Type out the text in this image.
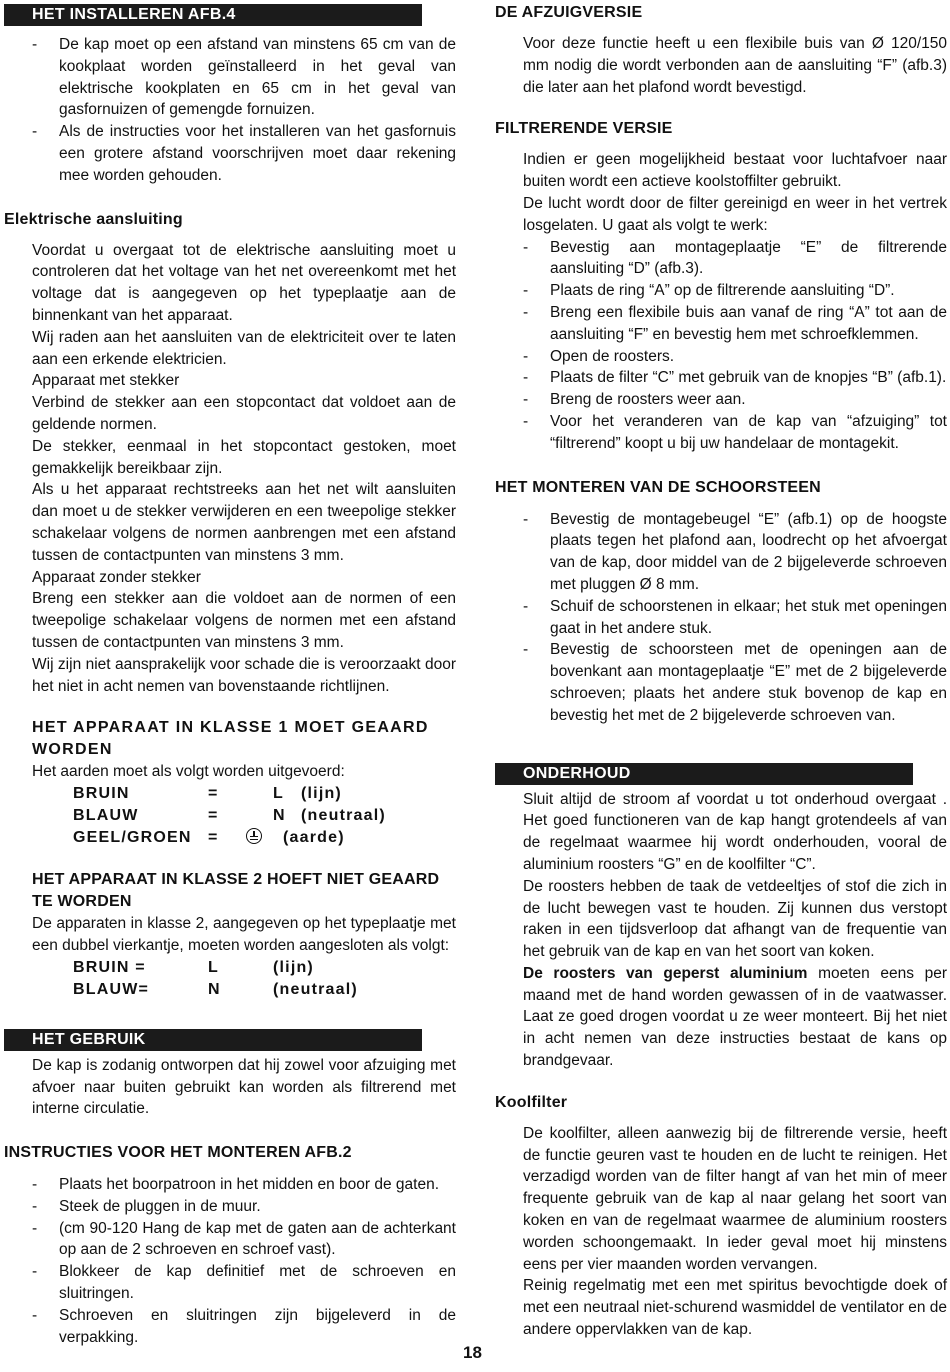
HET INSTALLEREN AFB.4
- De kap moet op een afstand van minstens 65 cm van de kookplaat worden geïnstalleerd in het geval van elektrische kookplaten en 65 cm in het geval van gasfornuizen of gemengde fornuizen.
- Als de instructies voor het installeren van het gasfornuis een grotere afstand voorschrijven moet daar rekening mee worden gehouden.
Elektrische aansluiting
Voordat u overgaat tot de elektrische aansluiting moet u controleren dat het voltage van het net overeenkomt met het voltage dat is aangegeven op het typeplaatje aan de binnenkant van het apparaat.
Wij raden aan het aansluiten van de elektriciteit over te laten aan een erkende elektricien.
Apparaat met stekker
Verbind de stekker aan een stopcontact dat voldoet aan de geldende normen.
De stekker, eenmaal in het stopcontact gestoken, moet gemakkelijk bereikbaar zijn.
Als u het apparaat rechtstreeks aan het net wilt aansluiten dan moet u de stekker verwijderen en een tweepolige stekker schakelaar volgens de normen aanbrengen met een afstand tussen de contactpunten van minstens 3 mm.
Apparaat zonder stekker
Breng een stekker aan die voldoet aan de normen of een tweepolige schakelaar volgens de normen met een afstand tussen de contactpunten van minstens 3 mm.
Wij zijn niet aansprakelijk voor schade die is veroorzaakt door het niet in acht nemen van bovenstaande richtlijnen.
HET APPARAAT IN KLASSE 1 MOET GEAARD WORDEN
Het aarden moet als volgt worden uitgevoerd:
BRUIN	=	L	(lijn)
BLAUW	=	N (neutraal)
GEEL/GROEN	=	(aarde)
HET APPARAAT IN KLASSE 2 HOEFT NIET GEAARD TE WORDEN
De apparaten in klasse 2, aangegeven op het typeplaatje met een dubbel vierkantje, moeten worden aangesloten als volgt:
BRUIN =	L	(lijn)
BLAUW=	N	(neutraal)
HET GEBRUIK
De kap is zodanig ontworpen dat hij zowel voor afzuiging met afvoer naar buiten gebruikt kan worden als filtrerend met interne circulatie.
INSTRUCTIES VOOR HET MONTEREN AFB.2
- Plaats het boorpatroon in het midden en boor de gaten.
- Steek de pluggen in de muur.
- (cm 90-120 Hang de kap met de gaten aan de achterkant op aan de 2 schroeven en schroef vast).
- Blokkeer de kap definitief met de schroeven en sluitringen.
- Schroeven en sluitringen zijn bijgeleverd in de verpakking.
18
DE AFZUIGVERSIE
Voor deze functie heeft u een flexibile buis van Ø 120/150 mm nodig die wordt verbonden aan de aansluiting “F” (afb.3) die later aan het plafond wordt bevestigd.
FILTRERENDE VERSIE
Indien er geen mogelijkheid bestaat voor luchtafvoer naar buiten wordt een actieve koolstoffilter gebruikt.
De lucht wordt door de filter gereinigd en weer in het vertrek losgelaten. U gaat als volgt te werk:
- Bevestig aan montageplaatje “E” de filtrerende aansluiting “D” (afb.3).
- Plaats de ring “A” op de filtrerende aansluiting “D”.
- Breng een flexibile buis aan vanaf de ring “A” tot aan de aansluiting “F” en bevestig hem met schroefklemmen.
- Open de roosters.
- Plaats de filter “C” met gebruik van de knopjes “B” (afb.1).
- Breng de roosters weer aan.
- Voor het veranderen van de kap van “afzuiging” tot “filtrerend” koopt u bij uw handelaar de montagekit.
HET MONTEREN VAN DE SCHOORSTEEN
- Bevestig de montagebeugel “E” (afb.1) op de hoogste plaats tegen het plafond aan, loodrecht op het afvoergat van de kap, door middel van de 2 bijgeleverde schroeven met pluggen Ø 8 mm.
- Schuif de schoorstenen in elkaar; het stuk met openingen gaat in het andere stuk.
- Bevestig de schoorsteen met de openingen aan de bovenkant aan montageplaatje “E” met de 2 bijgeleverde schroeven; plaats het andere stuk bovenop de kap en bevestig het met de 2 bijgeleverde schroeven van.
ONDERHOUD
Sluit altijd de stroom af voordat u tot onderhoud overgaat . Het goed functioneren van de kap hangt grotendeels af van de regelmaat waarmee hij wordt onderhouden, vooral de aluminium roosters “G” en de koolfilter “C”.
De roosters hebben de taak de vetdeeltjes of stof die zich in de lucht bewegen vast te houden. Zij kunnen dus verstopt raken in een tijdsverloop dat afhangt van de frequentie van het gebruik van de kap en van het soort van koken.
De roosters van geperst aluminium moeten eens per maand met de hand worden gewassen of in de vaatwasser. Laat ze goed drogen voordat u ze weer monteert. Bij het niet in acht nemen van deze instructies bestaat de kans op brandgevaar.
Koolfilter
De koolfilter, alleen aanwezig bij de filtrerende versie, heeft de functie geuren vast te houden en de lucht te reinigen. Het verzadigd worden van de filter hangt af van het min of meer frequente gebruik van de kap al naar gelang het soort van koken en van de regelmaat waarmee de aluminium roosters worden schoongemaakt. In ieder geval moet hij minstens eens per vier maanden worden vervangen.
Reinig regelmatig met een met spiritus bevochtigde doek of met een neutraal niet-schurend wasmiddel de ventilator en de andere oppervlakken van de kap.
